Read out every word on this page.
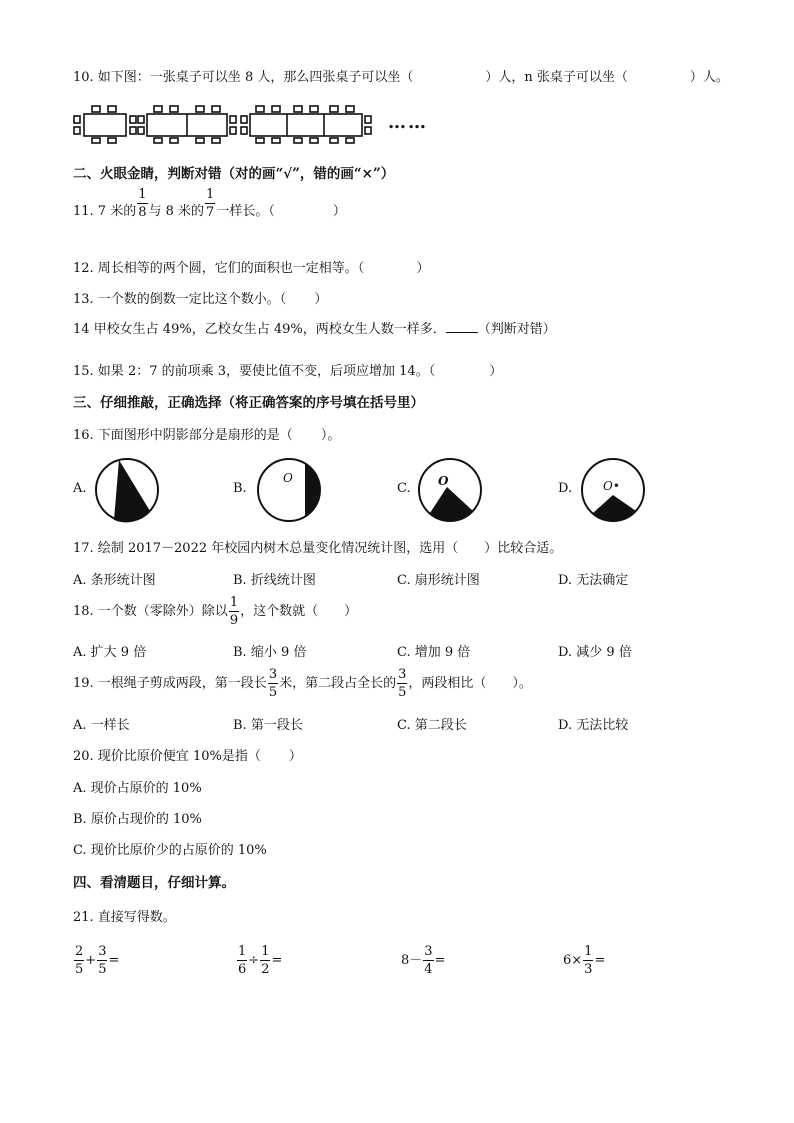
10. 如下图：一张桌子可以坐 8 人，那么四张桌子可以坐（	）人，n 张桌子可以坐（	）人。
……
二、火眼金睛，判断对错（对的画“√”，错的画“×”）
11. 7 米的 $\frac{1}{8}$ 与 8 米的 $\frac{1}{7}$ 一样长。（	）
12. 周长相等的两个圆，它们的面积也一定相等。（	）
13. 一个数的倒数一定比这个数小。（ ）
14 甲校女生占 49%，乙校女生占 49%，两校女生人数一样多． （判断对错）
15. 如果 2：7 的前项乘 3，要使比值不变，后项应增加 14。（	）
三、仔细推敲，正确选择（将正确答案的序号填在括号里）
16. 下面图形中阴影部分是扇形的是（ ）。
A.	B.
O
C. O	D.	O•
17. 绘制 2017－2022 年校园内树木总量变化情况统计图，选用（ ）比较合适。
A. 条形统计图	B. 折线统计图	C. 扇形统计图	D. 无法确定
18. 一个数（零除外）除以 $\frac{1}{9}$ ，这个数就（ ）
A. 扩大 9 倍	B. 缩小 9 倍	C. 增加 9 倍	D. 减少 9 倍
19. 一根绳子剪成两段，第一段长 $\frac{3}{5}$ 米，第二段占全长的 $\frac{3}{5}$ ，两段相比（ ）。
A. 一样长	B. 第一段长	C. 第二段长	D. 无法比较
20. 现价比原价便宜 10%是指（ ）
A. 现价占原价的 10%
B. 原价占现价的 10%
C. 现价比原价少的占原价的 10%
四、看清题目，仔细计算。
21. 直接写得数。
$\frac{2}{5} + \frac{3}{5}$ =	$\frac{1}{6} \div \frac{1}{2}$ =	$8- \frac{3}{4}$ =	$6\times \frac{1}{3}$ =
